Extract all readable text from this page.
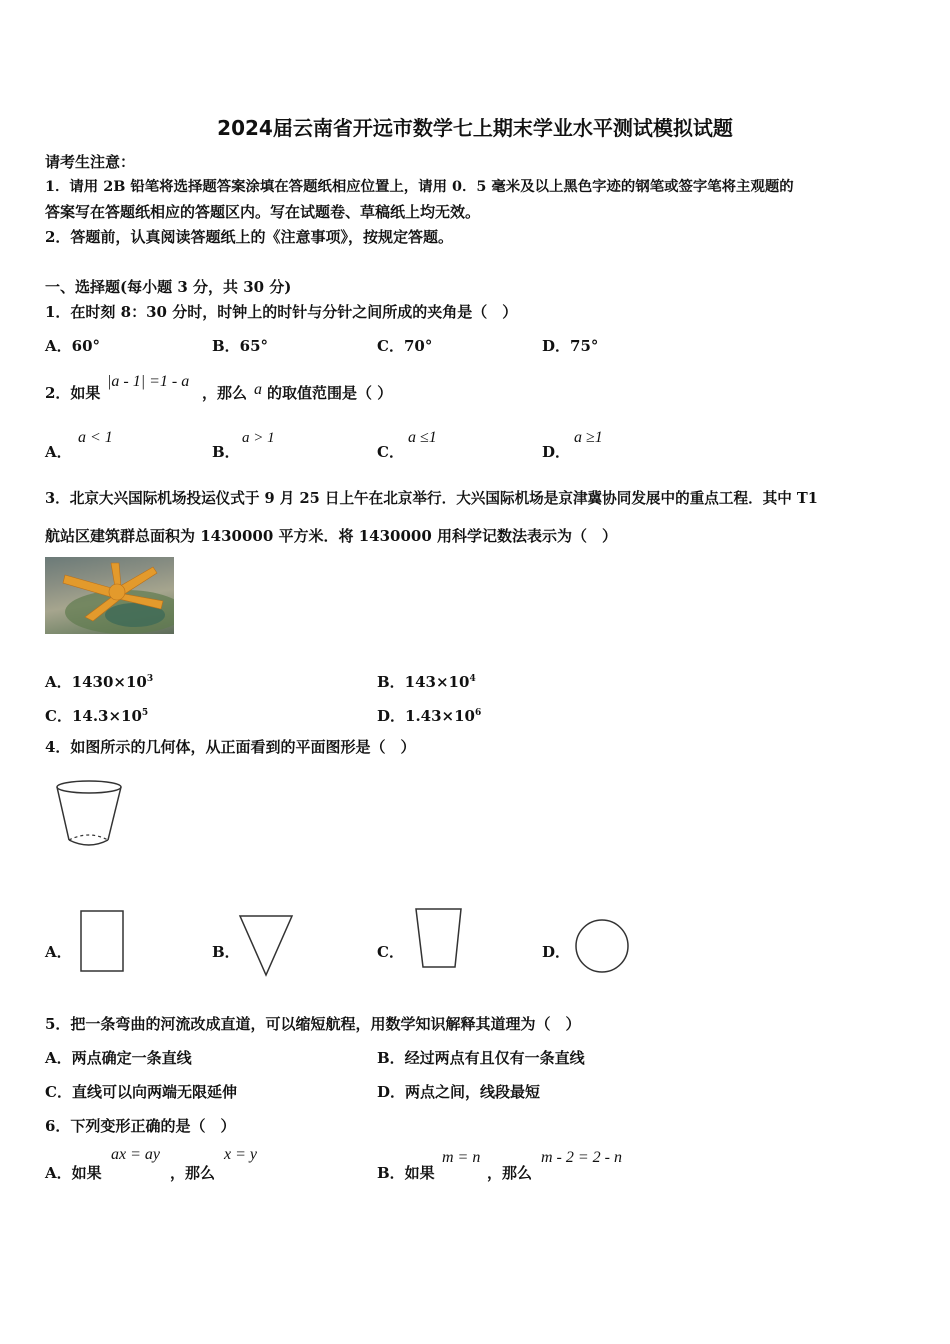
2024届云南省开远市数学七上期末学业水平测试模拟试题
请考生注意：
1．请用 2B 铅笔将选择题答案涂填在答题纸相应位置上，请用 0．5 毫米及以上黑色字迹的钢笔或签字笔将主观题的
答案写在答题纸相应的答题区内。写在试题卷、草稿纸上均无效。
2．答题前，认真阅读答题纸上的《注意事项》，按规定答题。
一、选择题(每小题 3 分，共 30 分)
1．在时刻 8：30 分时，时钟上的时针与分针之间所成的夹角是（　）
A．60°	B．65°	C．70°	D．75°
2．如果
|a - 1| =1 - a
，那么 a 的取值范围是（ ）
A．
a < 1
B．
a > 1
C．
a ≤1
D．
a ≥1
3．北京大兴国际机场投运仪式于 9 月 25 日上午在北京举行．大兴国际机场是京津冀协同发展中的重点工程．其中 T1
航站区建筑群总面积为 1430000 平方米．将 1430000 用科学记数法表示为（　）
A．$1430\times 10^3$	B．$143\times 10^4$
C．$14.3\times 10^5$	D．$1.43\times 10^6$
4．如图所示的几何体，从正面看到的平面图形是（　）
A．	B．	C．	D．
5．把一条弯曲的河流改成直道，可以缩短航程，用数学知识解释其道理为（　）
A．两点确定一条直线	B．经过两点有且仅有一条直线
C．直线可以向两端无限延伸	D．两点之间，线段最短
6．下列变形正确的是（　）
A．如果
ax = ay
，那么
x = y
B．如果
m = n
，那么
m - 2 = 2 - n
